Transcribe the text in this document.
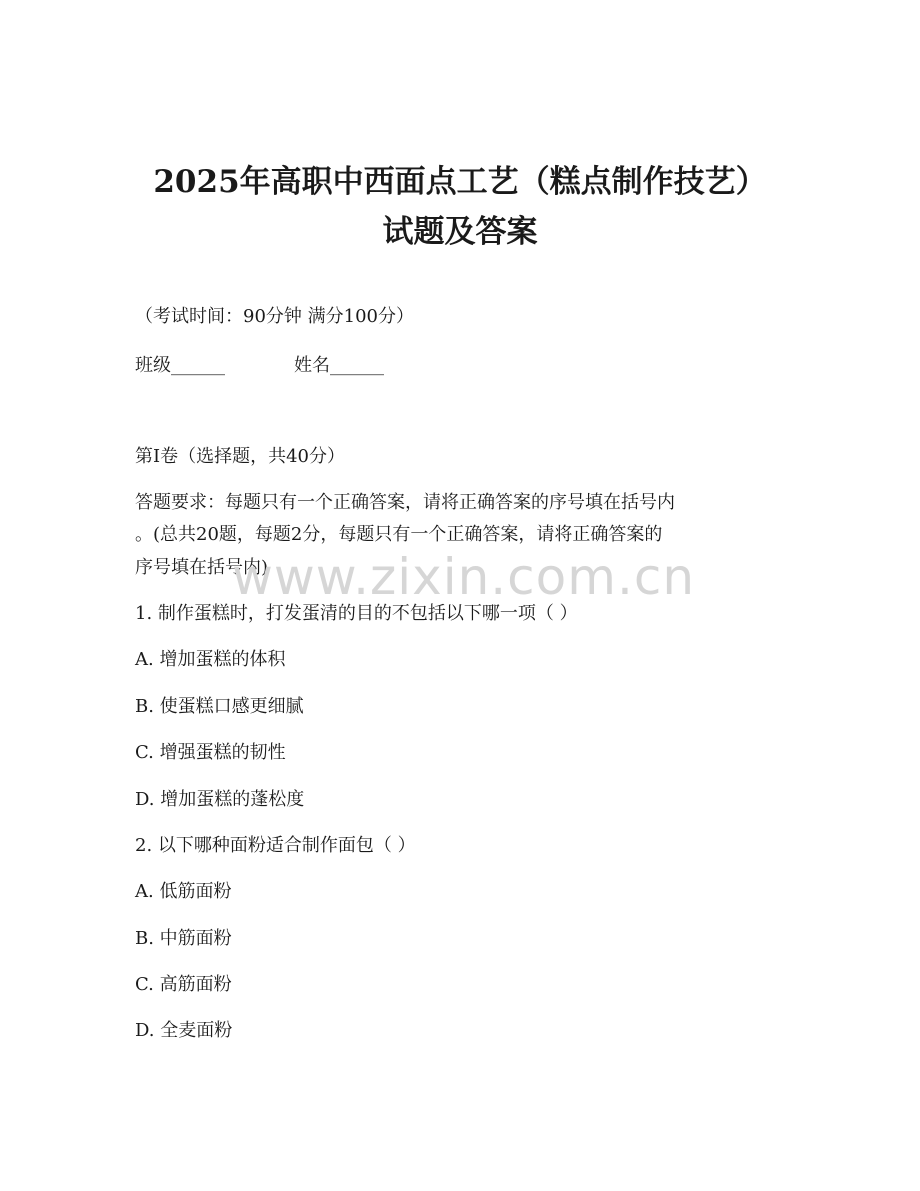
2025年高职中西面点工艺（糕点制作技艺）
试题及答案
（考试时间：90分钟 满分100分）
班级______	姓名______
第I卷（选择题，共40分）
答题要求：每题只有一个正确答案，请将正确答案的序号填在括号内
。(总共20题，每题2分，每题只有一个正确答案，请将正确答案的
序号填在括号内)
www.zixin.com.cn
1. 制作蛋糕时，打发蛋清的目的不包括以下哪一项（ ）
A. 增加蛋糕的体积
B. 使蛋糕口感更细腻
C. 增强蛋糕的韧性
D. 增加蛋糕的蓬松度
2. 以下哪种面粉适合制作面包（ ）
A. 低筋面粉
B. 中筋面粉
C. 高筋面粉
D. 全麦面粉
